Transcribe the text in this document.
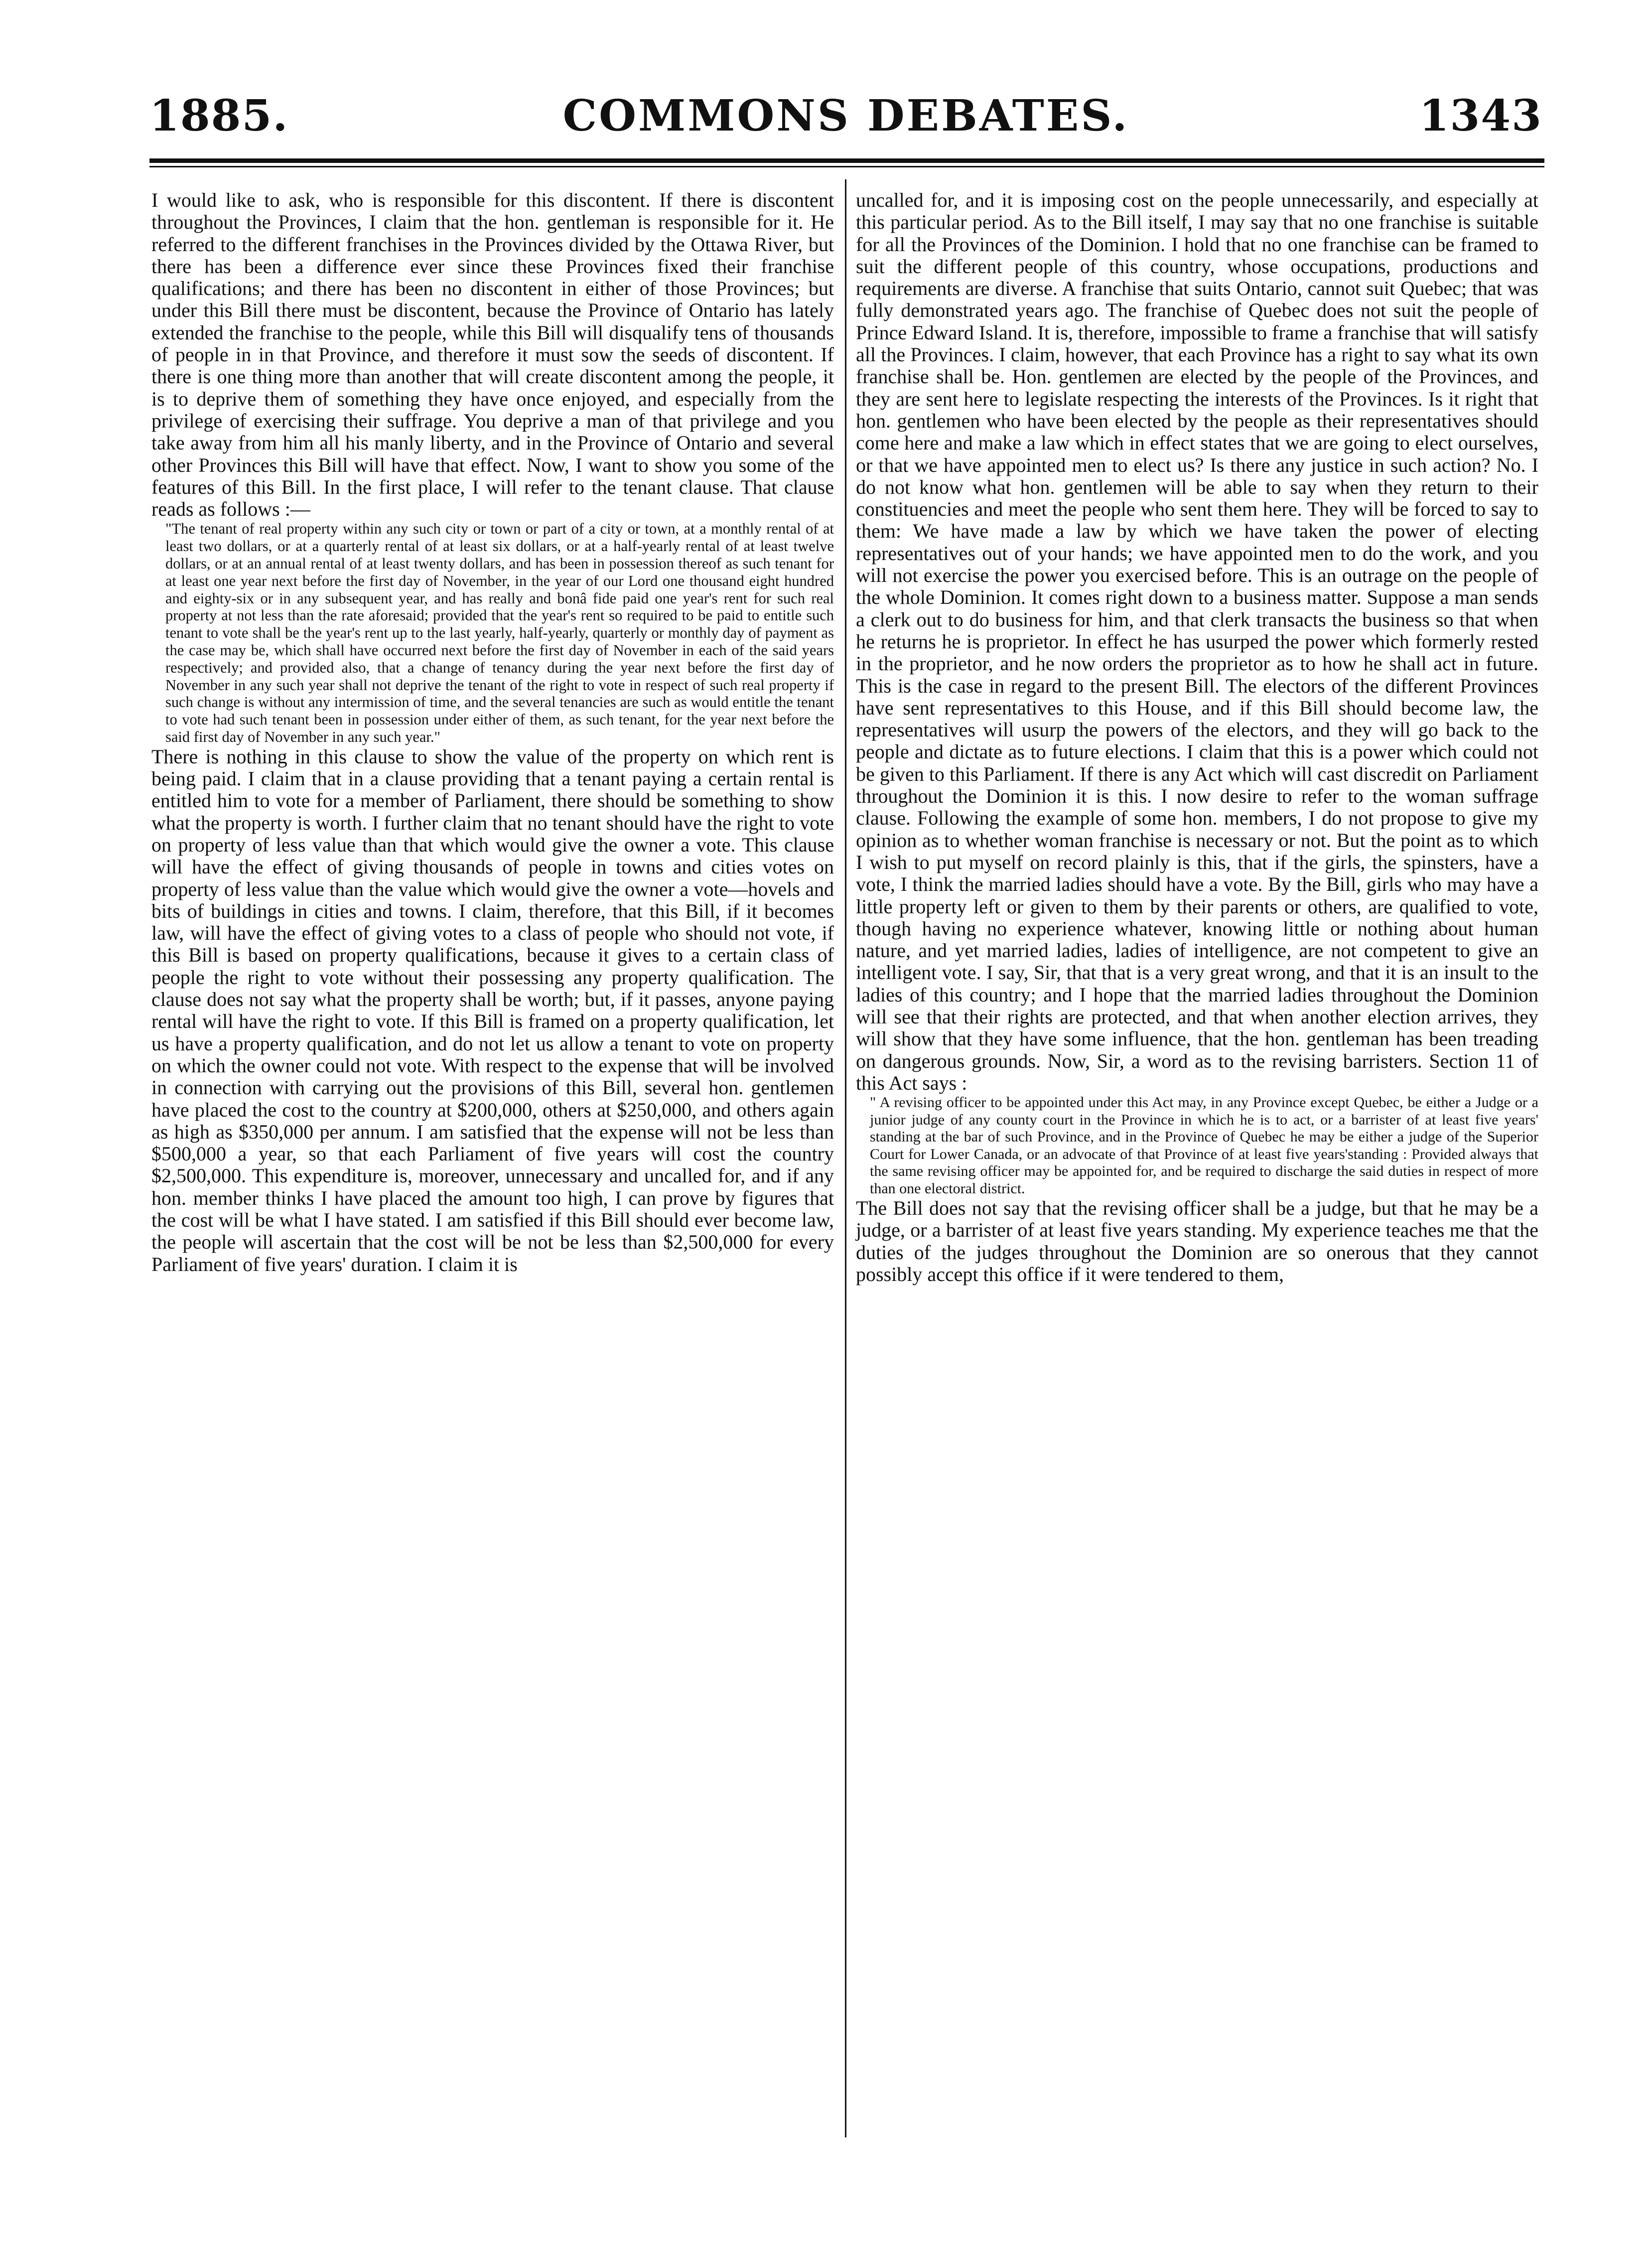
COMMONS DEBATES.
1885.	1343

I would like to ask, who is responsible for this discontent. If there is discontent throughout the Provinces, I claim that the hon. gentleman is responsible for it. He referred to the different franchises in the Provinces divided by the Ottawa River, but there has been a difference ever since these Provinces fixed their franchise qualifications; and there has been no discontent in either of those Provinces; but under this Bill there must be discontent, because the Province of Ontario has lately extended the franchise to the people, while this Bill will disqualify tens of thousands of people in in that Province, and therefore it must sow the seeds of discontent. If there is one thing more than another that will create discontent among the people, it is to deprive them of something they have once enjoyed, and especially from the privilege of exercising their suffrage. You deprive a man of that privilege and you take away from him all his manly liberty, and in the Province of Ontario and several other Provinces this Bill will have that effect. Now, I want to show you some of the features of this Bill. In the first place, I will refer to the tenant clause. That clause reads as follows :—

"The tenant of real property within any such city or town or part of a city or town, at a monthly rental of at least two dollars, or at a quarterly rental of at least six dollars, or at a half-yearly rental of at least twelve dollars, or at an annual rental of at least twenty dollars, and has been in possession thereof as such tenant for at least one year next before the first day of November, in the year of our Lord one thousand eight hundred and eighty-six or in any subsequent year, and has really and bonâ fide paid one year's rent for such real property at not less than the rate aforesaid; provided that the year's rent so required to be paid to entitle such tenant to vote shall be the year's rent up to the last yearly, half-yearly, quarterly or monthly day of payment as the case may be, which shall have occurred next before the first day of November in each of the said years respectively; and provided also, that a change of tenancy during the year next before the first day of November in any such year shall not deprive the tenant of the right to vote in respect of such real property if such change is without any intermission of time, and the several tenancies are such as would entitle the tenant to vote had such tenant been in possession under either of them, as such tenant, for the year next before the said first day of November in any such year."

There is nothing in this clause to show the value of the property on which rent is being paid. I claim that in a clause providing that a tenant paying a certain rental is entitled him to vote for a member of Parliament, there should be something to show what the property is worth. I further claim that no tenant should have the right to vote on property of less value than that which would give the owner a vote. This clause will have the effect of giving thousands of people in towns and cities votes on property of less value than the value which would give the owner a vote—hovels and bits of buildings in cities and towns. I claim, therefore, that this Bill, if it becomes law, will have the effect of giving votes to a class of people who should not vote, if this Bill is based on property qualifications, because it gives to a certain class of people the right to vote without their possessing any property qualification. The clause does not say what the property shall be worth; but, if it passes, anyone paying rental will have the right to vote. If this Bill is framed on a property qualification, let us have a property qualification, and do not let us allow a tenant to vote on property on which the owner could not vote. With respect to the expense that will be involved in connection with carrying out the provisions of this Bill, several hon. gentlemen have placed the cost to the country at $200,000, others at $250,000, and others again as high as $350,000 per annum. I am satisfied that the expense will not be less than $500,000 a year, so that each Parliament of five years will cost the country $2,500,000. This expenditure is, moreover, unnecessary and uncalled for, and if any hon. member thinks I have placed the amount too high, I can prove by figures that the cost will be what I have stated. I am satisfied if this Bill should ever become law, the people will ascertain that the cost will be not be less than $2,500,000 for every Parliament of five years' duration. I claim it is

uncalled for, and it is imposing cost on the people unnecessarily, and especially at this particular period. As to the Bill itself, I may say that no one franchise is suitable for all the Provinces of the Dominion. I hold that no one franchise can be framed to suit the different people of this country, whose occupations, productions and requirements are diverse. A franchise that suits Ontario, cannot suit Quebec; that was fully demonstrated years ago. The franchise of Quebec does not suit the people of Prince Edward Island. It is, therefore, impossible to frame a franchise that will satisfy all the Provinces. I claim, however, that each Province has a right to say what its own franchise shall be. Hon. gentlemen are elected by the people of the Provinces, and they are sent here to legislate respecting the interests of the Provinces. Is it right that hon. gentlemen who have been elected by the people as their representatives should come here and make a law which in effect states that we are going to elect ourselves, or that we have appointed men to elect us? Is there any justice in such action? No. I do not know what hon. gentlemen will be able to say when they return to their constituencies and meet the people who sent them here. They will be forced to say to them: We have made a law by which we have taken the power of electing representatives out of your hands; we have appointed men to do the work, and you will not exercise the power you exercised before. This is an outrage on the people of the whole Dominion. It comes right down to a business matter. Suppose a man sends a clerk out to do business for him, and that clerk transacts the business so that when he returns he is proprietor. In effect he has usurped the power which formerly rested in the proprietor, and he now orders the proprietor as to how he shall act in future. This is the case in regard to the present Bill. The electors of the different Provinces have sent representatives to this House, and if this Bill should become law, the representatives will usurp the powers of the electors, and they will go back to the people and dictate as to future elections. I claim that this is a power which could not be given to this Parliament. If there is any Act which will cast discredit on Parliament throughout the Dominion it is this. I now desire to refer to the woman suffrage clause. Following the example of some hon. members, I do not propose to give my opinion as to whether woman franchise is necessary or not. But the point as to which I wish to put myself on record plainly is this, that if the girls, the spinsters, have a vote, I think the married ladies should have a vote. By the Bill, girls who may have a little property left or given to them by their parents or others, are qualified to vote, though having no experience whatever, knowing little or nothing about human nature, and yet married ladies, ladies of intelligence, are not competent to give an intelligent vote. I say, Sir, that that is a very great wrong, and that it is an insult to the ladies of this country; and I hope that the married ladies throughout the Dominion will see that their rights are protected, and that when another election arrives, they will show that they have some influence, that the hon. gentleman has been treading on dangerous grounds. Now, Sir, a word as to the revising barristers. Section 11 of this Act says :

" A revising officer to be appointed under this Act may, in any Province except Quebec, be either a Judge or a junior judge of any county court in the Province in which he is to act, or a barrister of at least five years' standing at the bar of such Province, and in the Province of Quebec he may be either a judge of the Superior Court for Lower Canada, or an advocate of that Province of at least five years'standing : Provided always that the same revising officer may be appointed for, and be required to discharge the said duties in respect of more than one electoral district.

The Bill does not say that the revising officer shall be a judge, but that he may be a judge, or a barrister of at least five years standing. My experience teaches me that the duties of the judges throughout the Dominion are so onerous that they cannot possibly accept this office if it were tendered to them,
